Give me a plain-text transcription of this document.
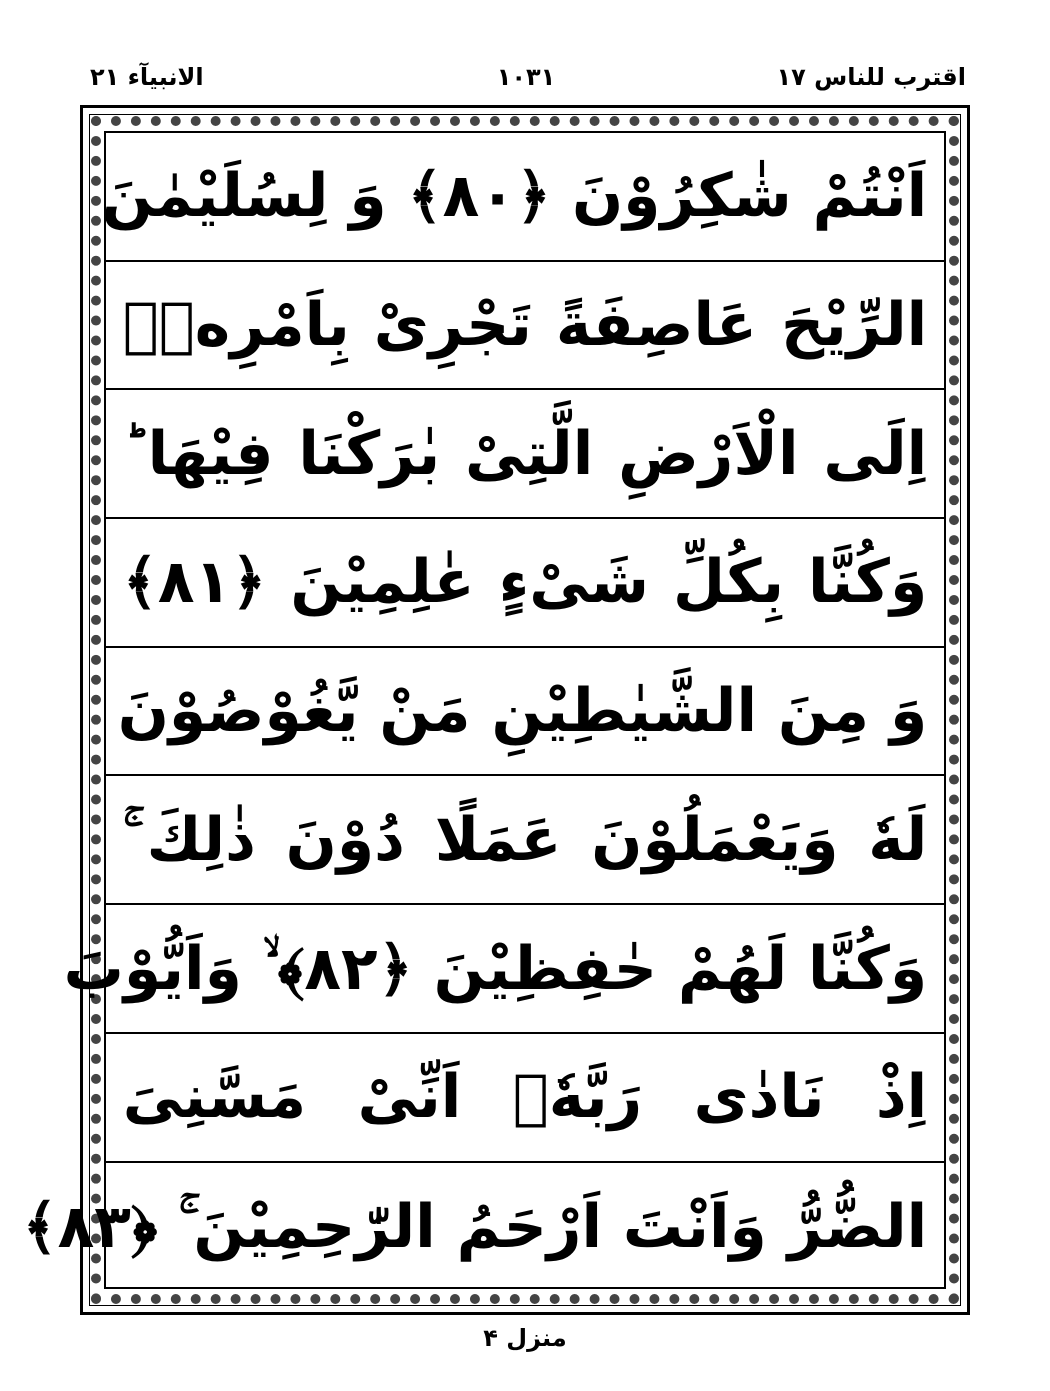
اقترب للناس ١٧
١٠٣١
الانبيآء ٢١
اَنْتُمْ شٰكِرُوْنَ ﴿٨٠﴾ وَ لِسُلَيْمٰنَ
الرِّيْحَ عَاصِفَةً تَجْرِىْ بِاَمْرِهٖۤ
اِلَى الْاَرْضِ الَّتِىْ بٰرَكْنَا فِيْهَا ؕ
وَكُنَّا بِكُلِّ شَىْءٍ عٰلِمِيْنَ ﴿٨١﴾
وَ مِنَ الشَّيٰطِيْنِ مَنْ يَّغُوْصُوْنَ
لَهٗ وَيَعْمَلُوْنَ عَمَلًا دُوْنَ ذٰلِكَ ۚ
وَكُنَّا لَهُمْ حٰفِظِيْنَ ﴿٨٢﴾ ۙ وَاَيُّوْبَ
اِذْ نَادٰى رَبَّهٗۤ اَنِّىْ مَسَّنِىَ
الضُّرُّ وَاَنْتَ اَرْحَمُ الرّٰحِمِيْنَ ۚ ﴿٨٣﴾
منزل ۴
